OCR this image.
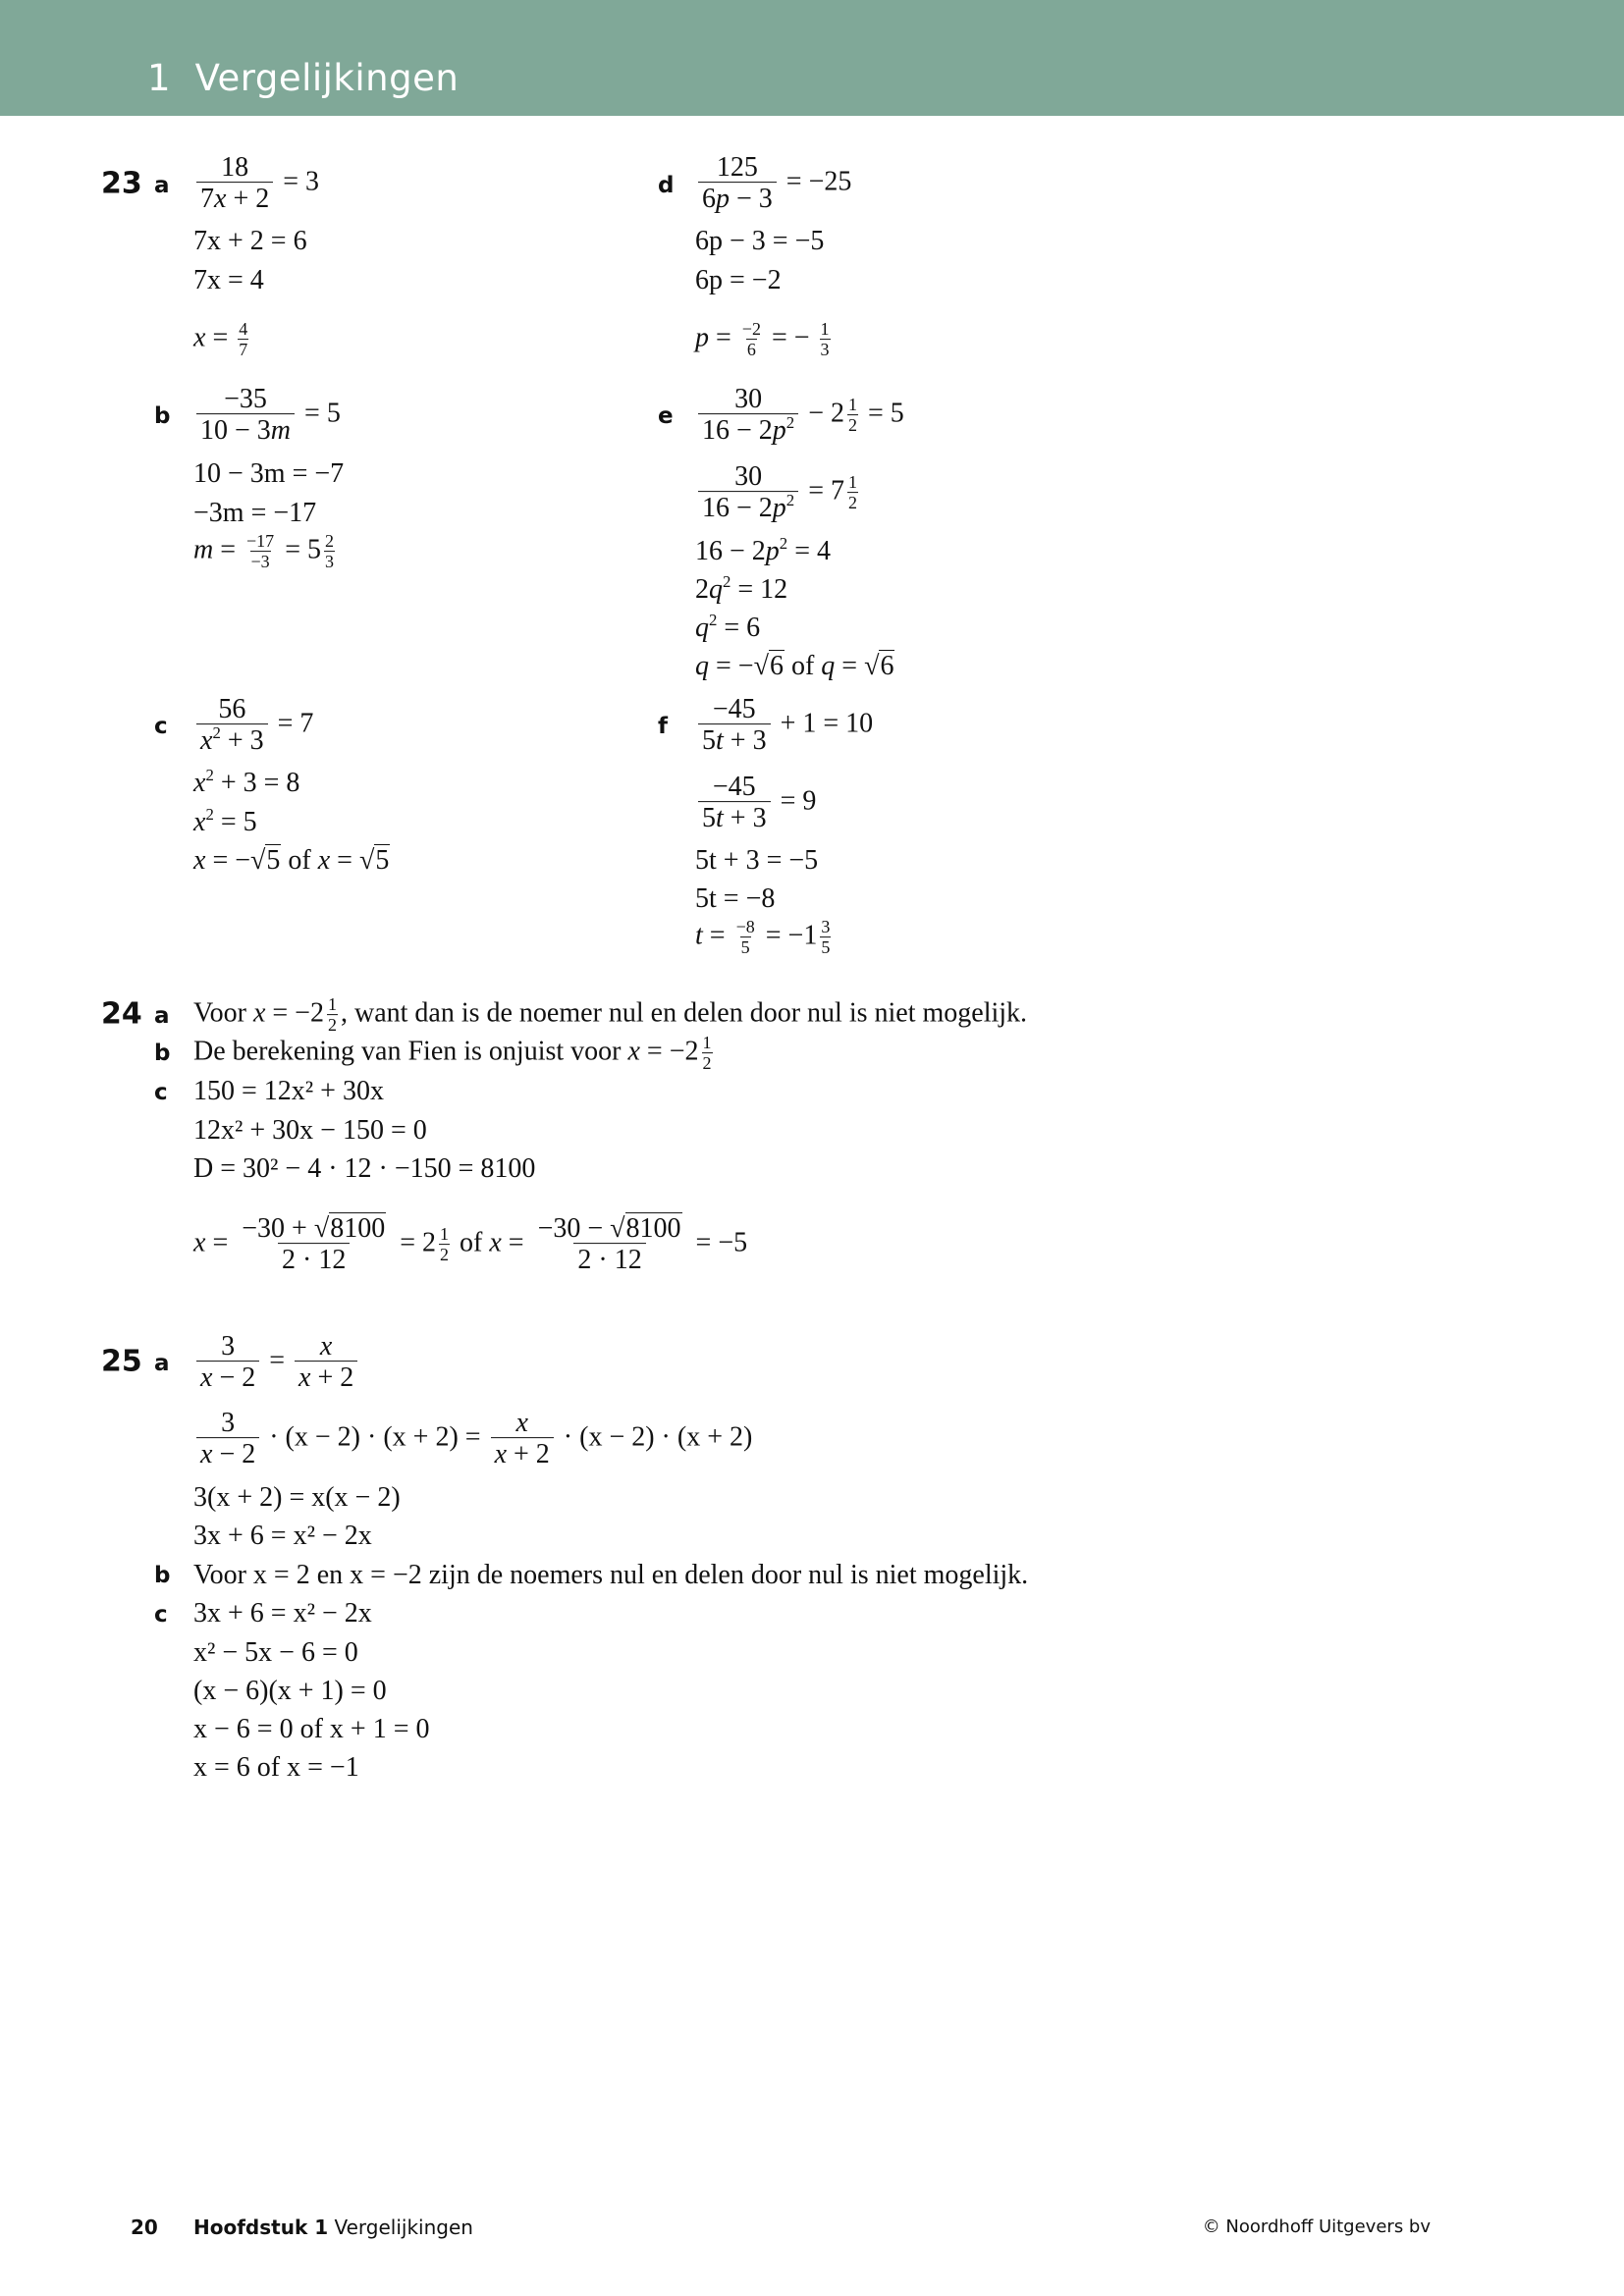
1 Vergelijkingen
23 a $\frac{18}{7x + 2} = 3$
7x + 2 = 6
7x = 4
$x = \frac{4}{7}$
b $\frac{-35}{10 - 3m} = 5$
10 − 3m = −7
−3m = −17
$m = \frac{-17}{-3} = 5 \frac{2}{3}$
c $\frac{56}{x^2 + 3} = 7$
$x^2 + 3 = 8$
$x^2 = 5$
x = −√5 of x = √5
d $\frac{125}{6p - 3} = -25$
6p − 3 = −5
6p = −2
$p = \frac{-2}{6}$ = − $\frac{1}{3}$
e $\frac{30}{16 - 2p^2} - 2 \frac{1}{2} = 5$
$\frac{30}{16 - 2p^2} = 7 \frac{1}{2}$
$16 - 2p^2 = 4$
$2q^2 = 12$
$q^2 = 6$
q = −√6 of q = √6
f $\frac{-45}{5t + 3} + 1 = 10$
$\frac{-45}{5t + 3} = 9$
5t + 3 = −5
5t = −8
$t = \frac{-8}{5} = -1 \frac{3}{5}$
24 a Voor $x = -2 \frac{1}{2}$ , want dan is de noemer nul en delen door nul is niet mogelijk.
b De berekening van Fien is onjuist voor $x = -2 \frac{1}{2}$
c 150 = 12x² + 30x
12x² + 30x − 150 = 0
D = 30² − 4 · 12 · −150 = 8100
$x = \frac{-30 + √8100}{2 \cdot 12} = 2 \frac{1}{2}$ of $x = \frac{-30 - √8100}{2 \cdot 12} = -5$
25 a $\frac{3}{x - 2} = \frac{x}{x + 2}$
$\frac{3}{x - 2} \cdot (x - 2) \cdot (x + 2) = \frac{x}{x + 2} \cdot (x - 2) \cdot (x + 2)$
3(x + 2) = x(x − 2)
3x + 6 = x² − 2x
b Voor x = 2 en x = −2 zijn de noemers nul en delen door nul is niet mogelijk.
c 3x + 6 = x² − 2x
x² − 5x − 6 = 0
(x − 6)(x + 1) = 0
x − 6 = 0 of x + 1 = 0
x = 6 of x = −1
20 Hoofdstuk 1 Vergelijkingen	© Noordhoff Uitgevers bv
